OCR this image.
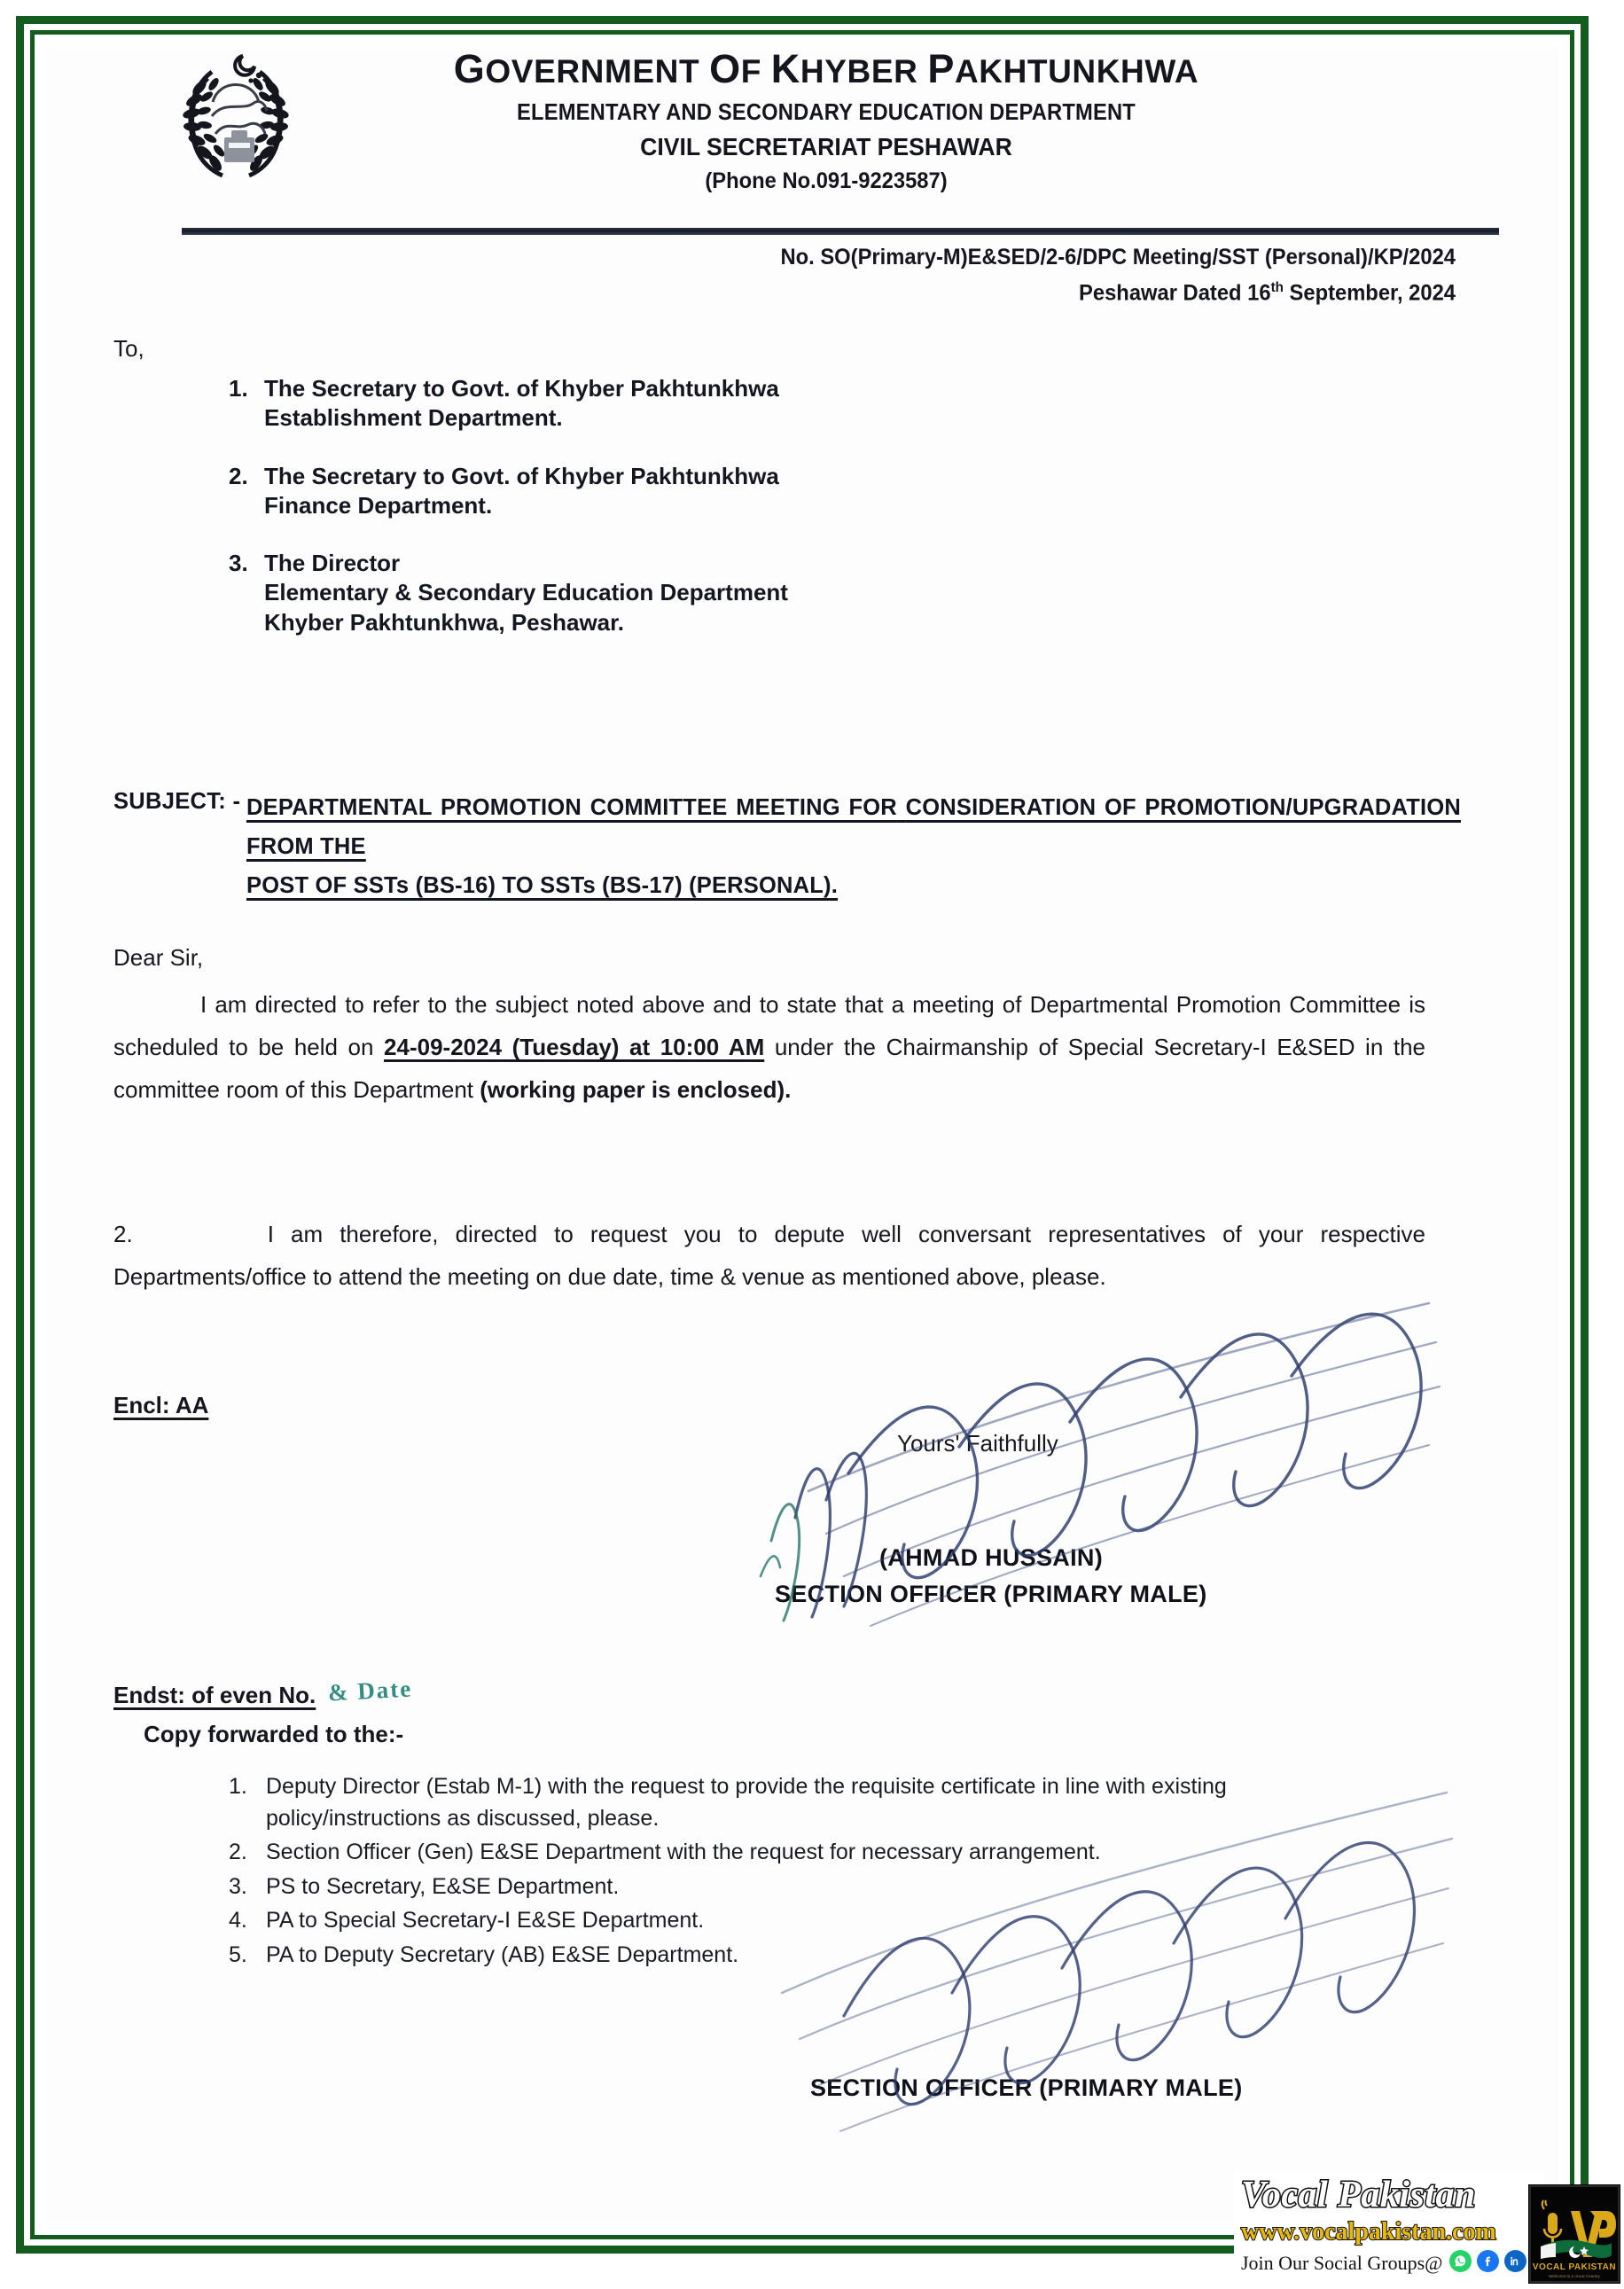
GOVERNMENT OF KHYBER PAKHTUNKHWA
ELEMENTARY AND SECONDARY EDUCATION DEPARTMENT
CIVIL SECRETARIAT PESHAWAR
(Phone No.091-9223587)
No. SO(Primary-M)E&SED/2-6/DPC Meeting/SST (Personal)/KP/2024
Peshawar Dated 16th September, 2024
To,
1. The Secretary to Govt. of Khyber Pakhtunkhwa
Establishment Department.
2. The Secretary to Govt. of Khyber Pakhtunkhwa
Finance Department.
3. The Director
Elementary & Secondary Education Department
Khyber Pakhtunkhwa, Peshawar.
SUBJECT: - DEPARTMENTAL PROMOTION COMMITTEE MEETING FOR CONSIDERATION OF PROMOTION/UPGRADATION FROM THE
POST OF SSTs (BS-16) TO SSTs (BS-17) (PERSONAL).
Dear Sir,
I am directed to refer to the subject noted above and to state that a meeting of Departmental Promotion Committee is scheduled to be held on 24-09-2024 (Tuesday) at 10:00 AM under the Chairmanship of Special Secretary-I E&SED in the committee room of this Department (working paper is enclosed).
2.	I am therefore, directed to request you to depute well conversant representatives of your respective Departments/office to attend the meeting on due date, time & venue as mentioned above, please.
Encl: AA
Yours' Faithfully
(AHMAD HUSSAIN)
SECTION OFFICER (PRIMARY MALE)
Endst: of even No. & Date
Copy forwarded to the:-
1. Deputy Director (Estab M-1) with the request to provide the requisite certificate in line with existing policy/instructions as discussed, please.
2. Section Officer (Gen) E&SE Department with the request for necessary arrangement.
3. PS to Secretary, E&SE Department.
4. PA to Special Secretary-I E&SE Department.
5. PA to Deputy Secretary (AB) E&SE Department.
SECTION OFFICER (PRIMARY MALE)
Vocal Pakistan
www.vocalpakistan.com
Join Our Social Groups@	VOCAL PAKISTAN
Welcome to a Vocal Country
